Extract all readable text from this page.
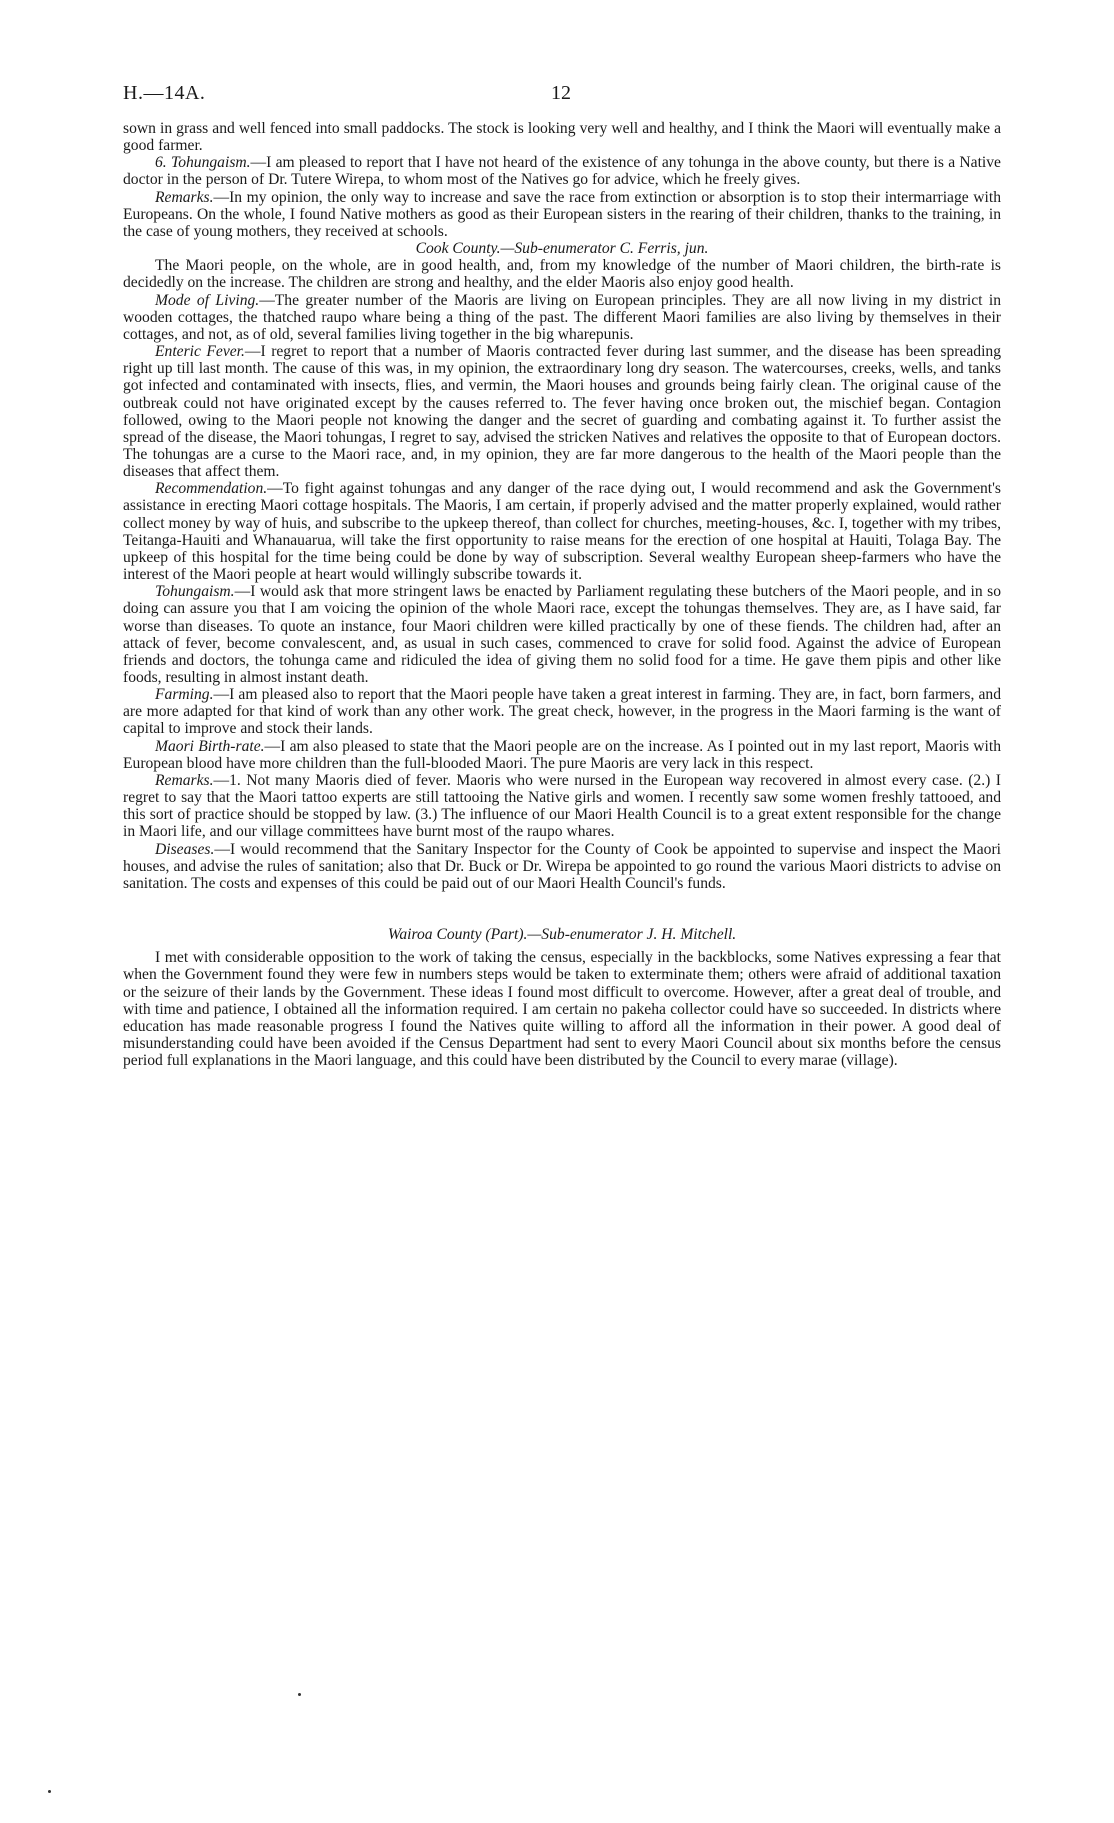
H.—14A.	12

sown in grass and well fenced into small paddocks. The stock is looking very well and healthy, and I think the Maori will eventually make a good farmer.

6. Tohungaism.—I am pleased to report that I have not heard of the existence of any tohunga in the above county, but there is a Native doctor in the person of Dr. Tutere Wirepa, to whom most of the Natives go for advice, which he freely gives.

Remarks.—In my opinion, the only way to increase and save the race from extinction or absorption is to stop their intermarriage with Europeans. On the whole, I found Native mothers as good as their European sisters in the rearing of their children, thanks to the training, in the case of young mothers, they received at schools.

Cook County.—Sub-enumerator C. Ferris, jun.

The Maori people, on the whole, are in good health, and, from my knowledge of the number of Maori children, the birth-rate is decidedly on the increase. The children are strong and healthy, and the elder Maoris also enjoy good health.

Mode of Living.—The greater number of the Maoris are living on European principles. They are all now living in my district in wooden cottages, the thatched raupo whare being a thing of the past. The different Maori families are also living by themselves in their cottages, and not, as of old, several families living together in the big wharepunis.

Enteric Fever.—I regret to report that a number of Maoris contracted fever during last summer, and the disease has been spreading right up till last month. The cause of this was, in my opinion, the extraordinary long dry season. The watercourses, creeks, wells, and tanks got infected and contaminated with insects, flies, and vermin, the Maori houses and grounds being fairly clean. The original cause of the outbreak could not have originated except by the causes referred to. The fever having once broken out, the mischief began. Contagion followed, owing to the Maori people not knowing the danger and the secret of guarding and combating against it. To further assist the spread of the disease, the Maori tohungas, I regret to say, advised the stricken Natives and relatives the opposite to that of European doctors. The tohungas are a curse to the Maori race, and, in my opinion, they are far more dangerous to the health of the Maori people than the diseases that affect them.

Recommendation.—To fight against tohungas and any danger of the race dying out, I would recommend and ask the Government's assistance in erecting Maori cottage hospitals. The Maoris, I am certain, if properly advised and the matter properly explained, would rather collect money by way of huis, and subscribe to the upkeep thereof, than collect for churches, meeting-houses, &c. I, together with my tribes, Teitanga-Hauiti and Whanauarua, will take the first opportunity to raise means for the erection of one hospital at Hauiti, Tolaga Bay. The upkeep of this hospital for the time being could be done by way of subscription. Several wealthy European sheep-farmers who have the interest of the Maori people at heart would willingly subscribe towards it.

Tohungaism.—I would ask that more stringent laws be enacted by Parliament regulating these butchers of the Maori people, and in so doing can assure you that I am voicing the opinion of the whole Maori race, except the tohungas themselves. They are, as I have said, far worse than diseases. To quote an instance, four Maori children were killed practically by one of these fiends. The children had, after an attack of fever, become convalescent, and, as usual in such cases, commenced to crave for solid food. Against the advice of European friends and doctors, the tohunga came and ridiculed the idea of giving them no solid food for a time. He gave them pipis and other like foods, resulting in almost instant death.

Farming.—I am pleased also to report that the Maori people have taken a great interest in farming. They are, in fact, born farmers, and are more adapted for that kind of work than any other work. The great check, however, in the progress in the Maori farming is the want of capital to improve and stock their lands.

Maori Birth-rate.—I am also pleased to state that the Maori people are on the increase. As I pointed out in my last report, Maoris with European blood have more children than the full-blooded Maori. The pure Maoris are very lack in this respect.

Remarks.—1. Not many Maoris died of fever. Maoris who were nursed in the European way recovered in almost every case. (2.) I regret to say that the Maori tattoo experts are still tattooing the Native girls and women. I recently saw some women freshly tattooed, and this sort of practice should be stopped by law. (3.) The influence of our Maori Health Council is to a great extent responsible for the change in Maori life, and our village committees have burnt most of the raupo whares.

Diseases.—I would recommend that the Sanitary Inspector for the County of Cook be appointed to supervise and inspect the Maori houses, and advise the rules of sanitation; also that Dr. Buck or Dr. Wirepa be appointed to go round the various Maori districts to advise on sanitation. The costs and expenses of this could be paid out of our Maori Health Council's funds.

Wairoa County (Part).—Sub-enumerator J. H. Mitchell.

I met with considerable opposition to the work of taking the census, especially in the backblocks, some Natives expressing a fear that when the Government found they were few in numbers steps would be taken to exterminate them; others were afraid of additional taxation or the seizure of their lands by the Government. These ideas I found most difficult to overcome. However, after a great deal of trouble, and with time and patience, I obtained all the information required. I am certain no pakeha collector could have so succeeded. In districts where education has made reasonable progress I found the Natives quite willing to afford all the information in their power. A good deal of misunderstanding could have been avoided if the Census Department had sent to every Maori Council about six months before the census period full explanations in the Maori language, and this could have been distributed by the Council to every marae (village).
